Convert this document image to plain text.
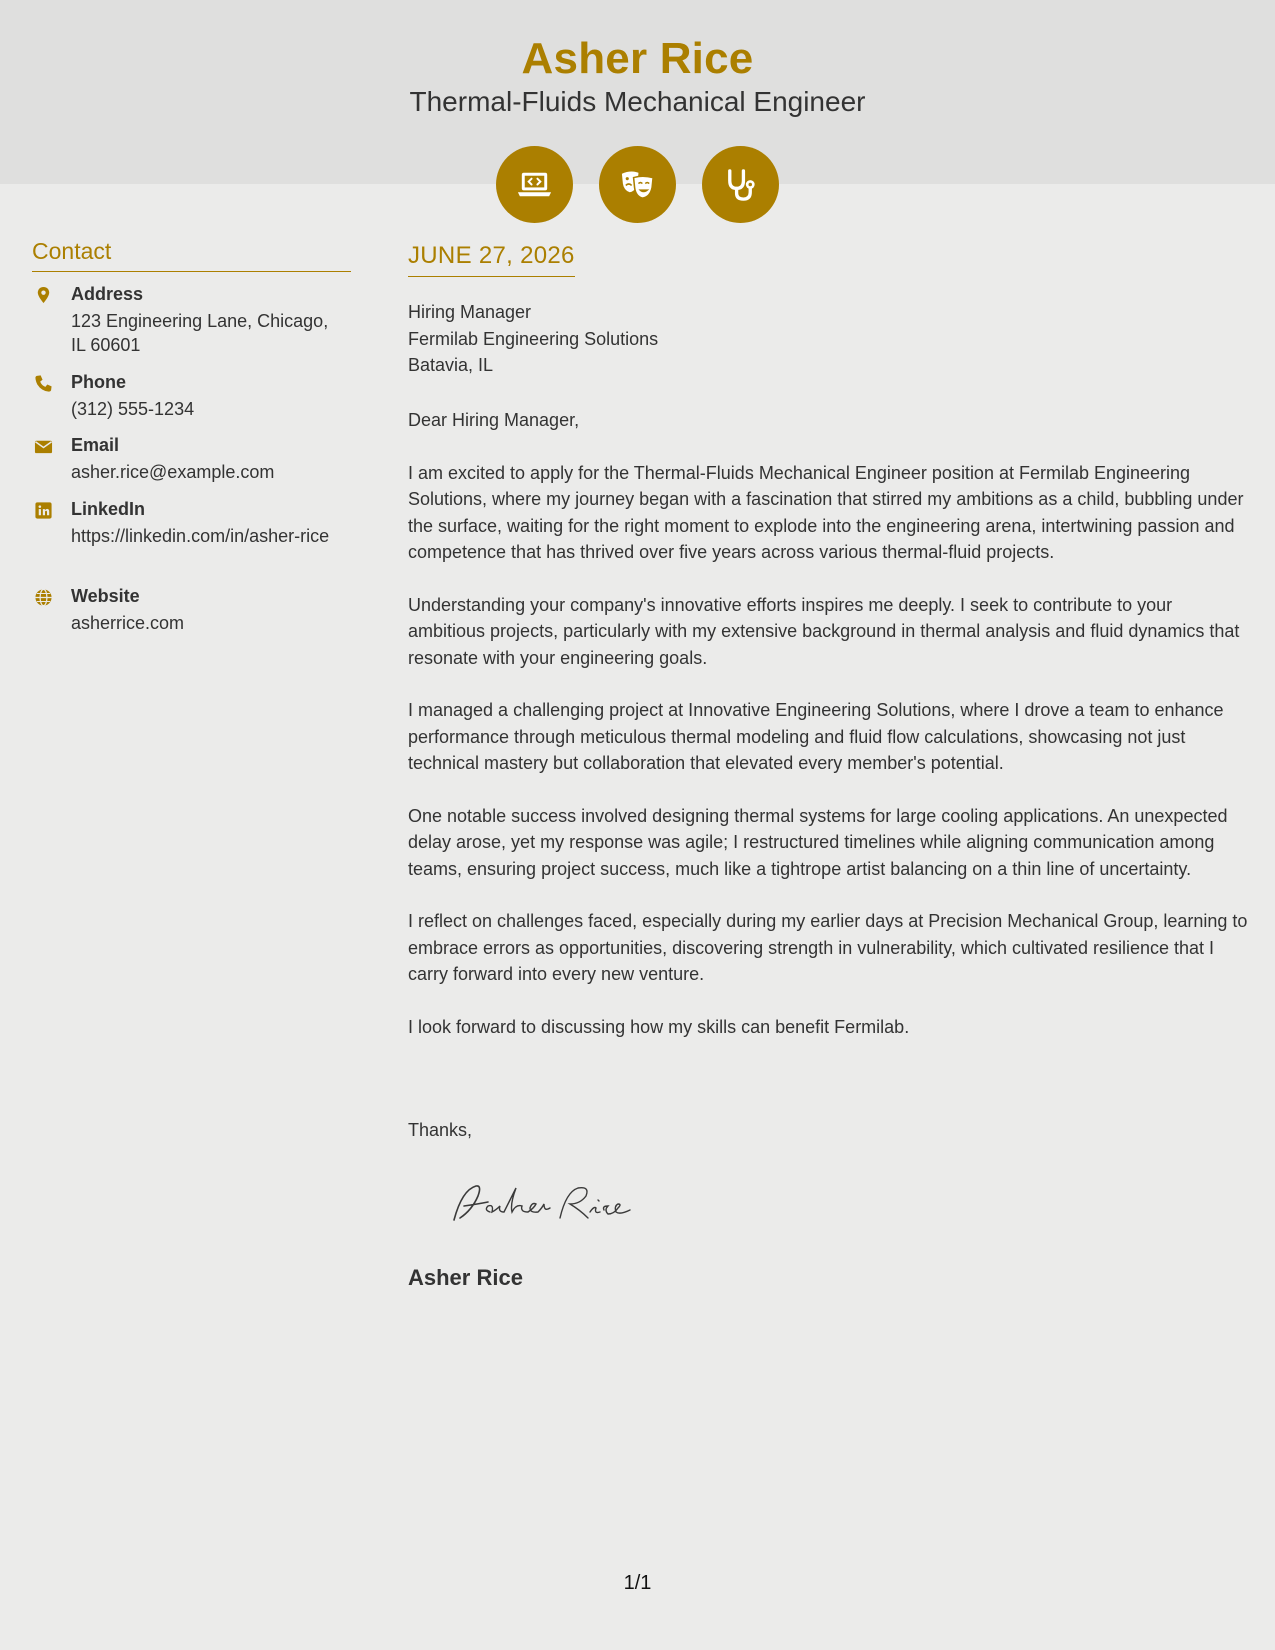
Asher Rice
Thermal-Fluids Mechanical Engineer
Contact
Address
123 Engineering Lane, Chicago, IL 60601
Phone
(312) 555-1234
Email
asher.rice@example.com
LinkedIn
https://linkedin.com/in/asher-rice
Website
asherrice.com
JUNE 27, 2026
Hiring Manager
Fermilab Engineering Solutions
Batavia, IL

Dear Hiring Manager,

I am excited to apply for the Thermal-Fluids Mechanical Engineer position at Fermilab Engineering Solutions, where my journey began with a fascination that stirred my ambitions as a child, bubbling under the surface, waiting for the right moment to explode into the engineering arena, intertwining passion and competence that has thrived over five years across various thermal-fluid projects.

Understanding your company's innovative efforts inspires me deeply. I seek to contribute to your ambitious projects, particularly with my extensive background in thermal analysis and fluid dynamics that resonate with your engineering goals.

I managed a challenging project at Innovative Engineering Solutions, where I drove a team to enhance performance through meticulous thermal modeling and fluid flow calculations, showcasing not just technical mastery but collaboration that elevated every member's potential.

One notable success involved designing thermal systems for large cooling applications. An unexpected delay arose, yet my response was agile; I restructured timelines while aligning communication among teams, ensuring project success, much like a tightrope artist balancing on a thin line of uncertainty.

I reflect on challenges faced, especially during my earlier days at Precision Mechanical Group, learning to embrace errors as opportunities, discovering strength in vulnerability, which cultivated resilience that I carry forward into every new venture.

I look forward to discussing how my skills can benefit Fermilab.

Thanks,
Asher Rice
1/1
